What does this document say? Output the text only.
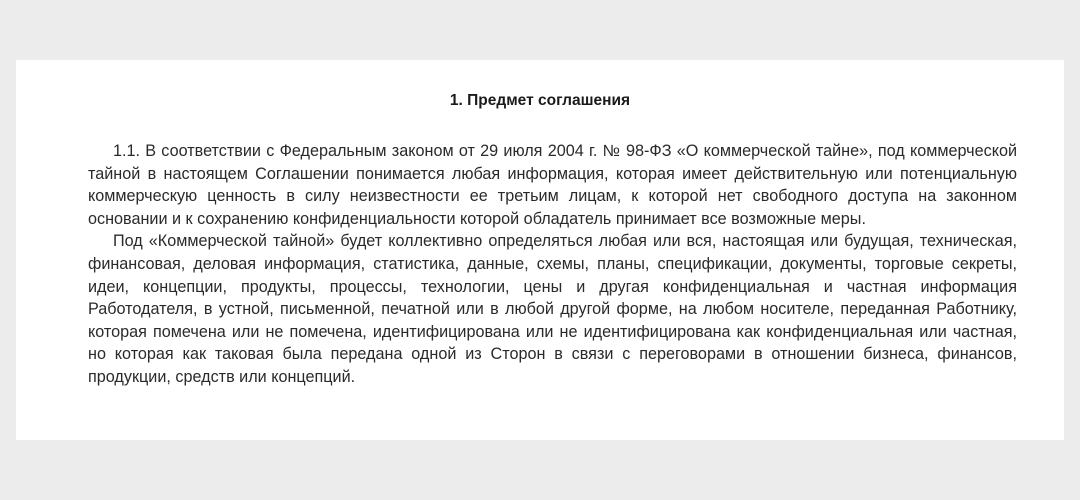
1. Предмет соглашения

1.1. В соответствии с Федеральным законом от 29 июля 2004 г. № 98-ФЗ «О коммерческой тайне», под коммерческой тайной в настоящем Соглашении понимается любая информация, которая имеет действительную или потенциальную коммерческую ценность в силу неизвестности ее третьим лицам, к которой нет свободного доступа на законном основании и к сохранению конфиденциальности которой обладатель принимает все возможные меры.

Под «Коммерческой тайной» будет коллективно определяться любая или вся, настоящая или будущая, техническая, финансовая, деловая информация, статистика, данные, схемы, планы, спецификации, документы, торговые секреты, идеи, концепции, продукты, процессы, технологии, цены и другая конфиденциальная и частная информация Работодателя, в устной, письменной, печатной или в любой другой форме, на любом носителе, переданная Работнику, которая помечена или не помечена, идентифицирована или не идентифицирована как конфиденциальная или частная, но которая как таковая была передана одной из Сторон в связи с переговорами в отношении бизнеса, финансов, продукции, средств или концепций.
